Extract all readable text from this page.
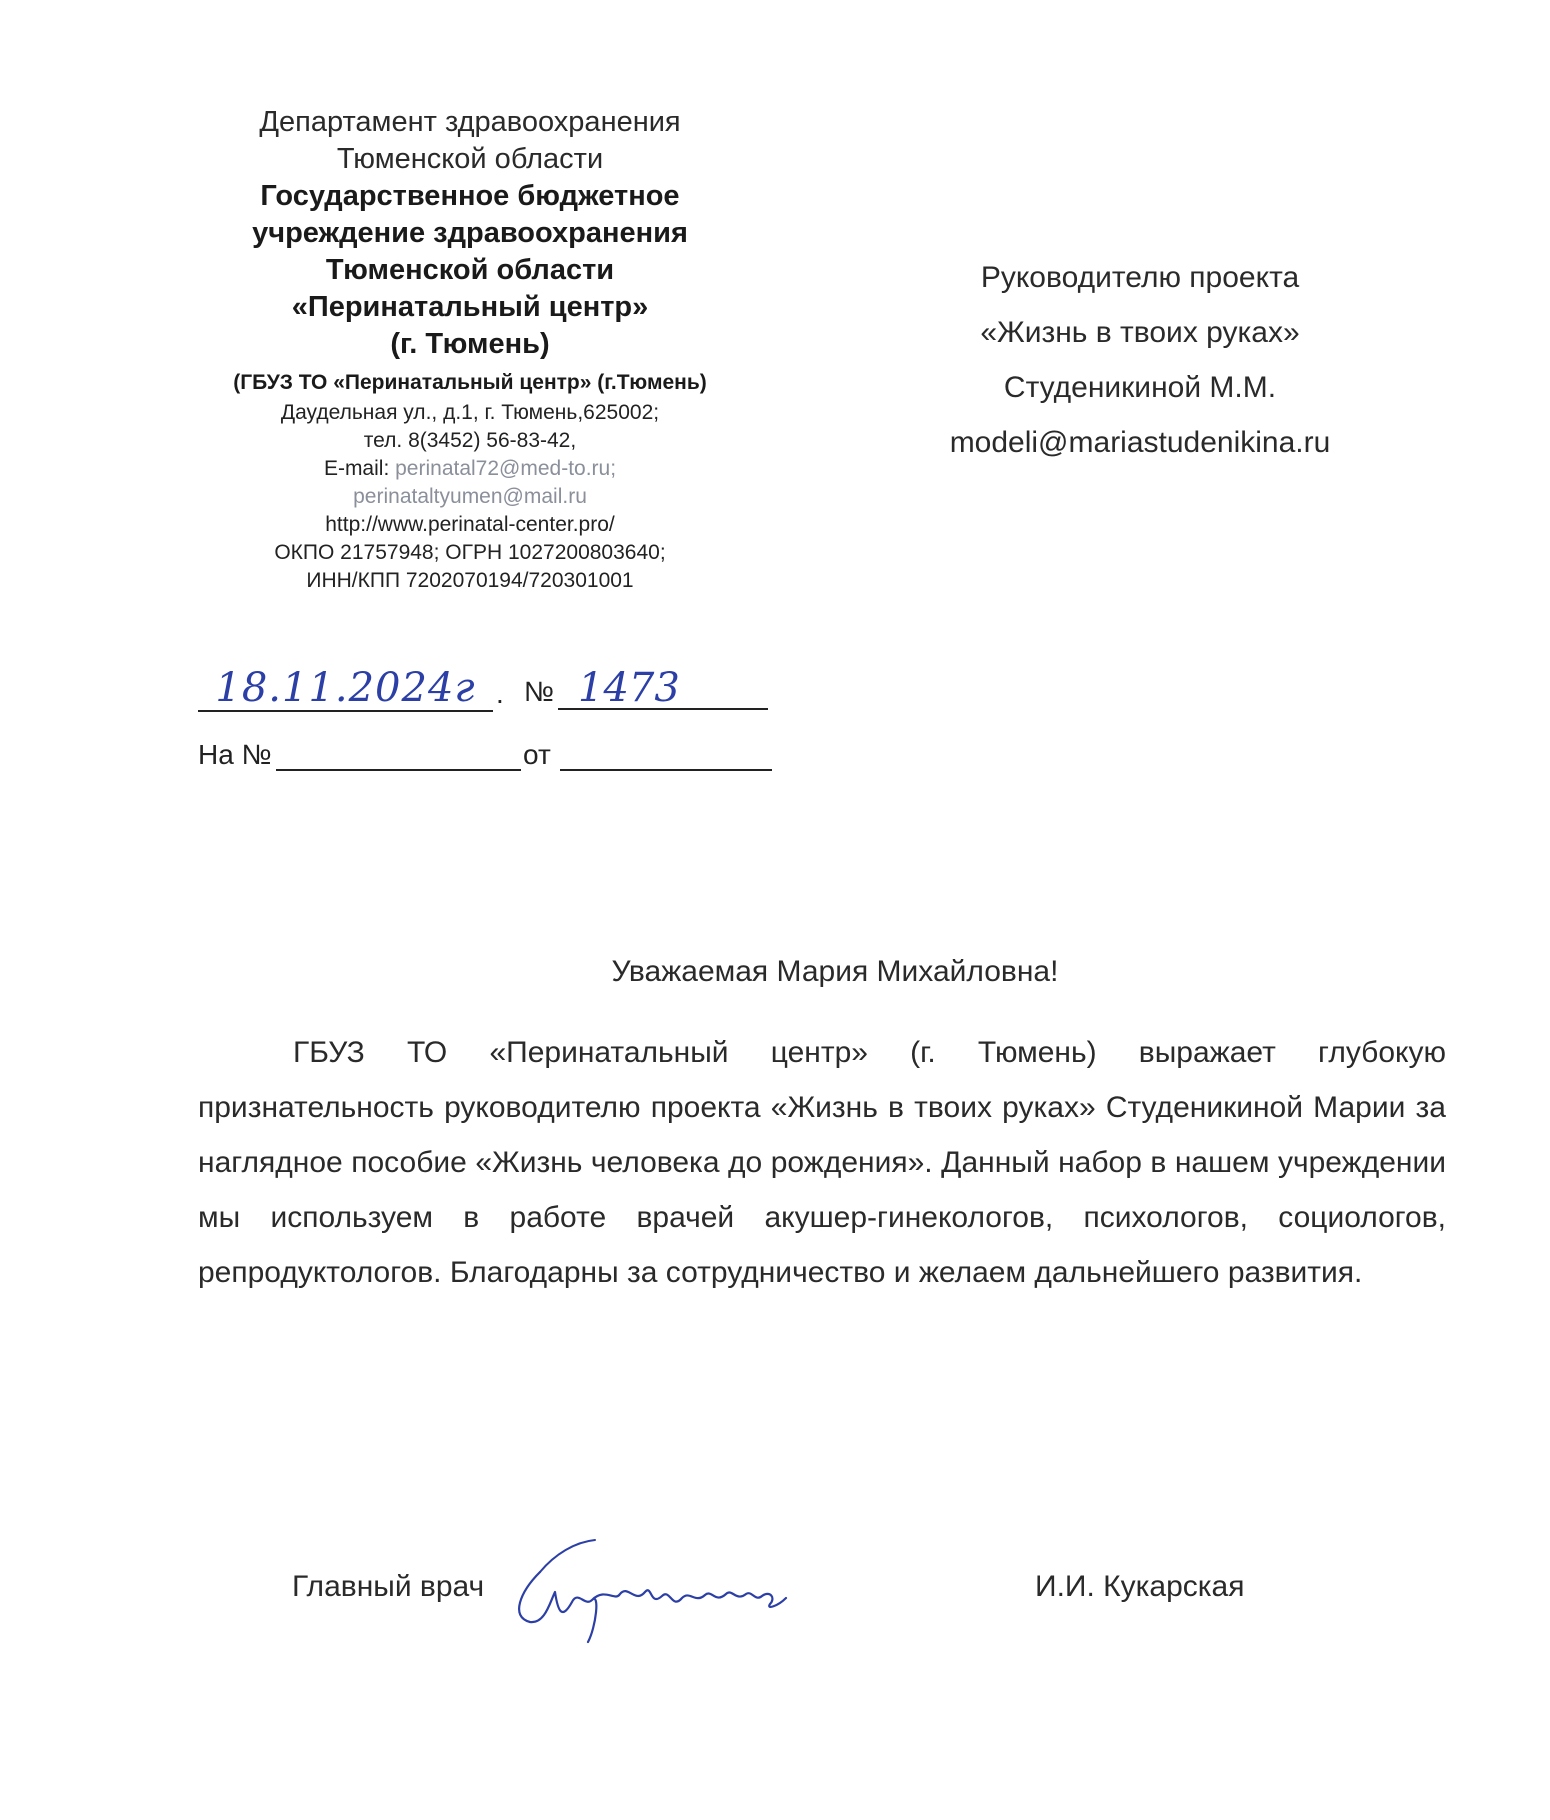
Департамент здравоохранения
Тюменской области
Государственное бюджетное
учреждение здравоохранения
Тюменской области
«Перинатальный центр»
(г. Тюмень)
(ГБУЗ ТО «Перинатальный центр» (г.Тюмень)
Даудельная ул., д.1, г. Тюмень,625002;
тел. 8(3452) 56-83-42,
E-mail: perinatal72@med-to.ru;
perinataltyumen@mail.ru
http://www.perinatal-center.pro/
ОКПО 21757948; ОГРН 1027200803640;
ИНН/КПП 7202070194/720301001
Руководителю проекта
«Жизнь в твоих руках»
Студеникиной М.М.
modeli@mariastudenikina.ru
18.11.2024г . № 1473
На №	от
Уважаемая Мария Михайловна!
ГБУЗ ТО «Перинатальный центр» (г. Тюмень) выражает глубокую признательность руководителю проекта «Жизнь в твоих руках» Студеникиной Марии за наглядное пособие «Жизнь человека до рождения». Данный набор в нашем учреждении мы используем в работе врачей акушер-гинекологов, психологов, социологов, репродуктологов. Благодарны за сотрудничество и желаем дальнейшего развития.
Главный врач	И.И. Кукарская
